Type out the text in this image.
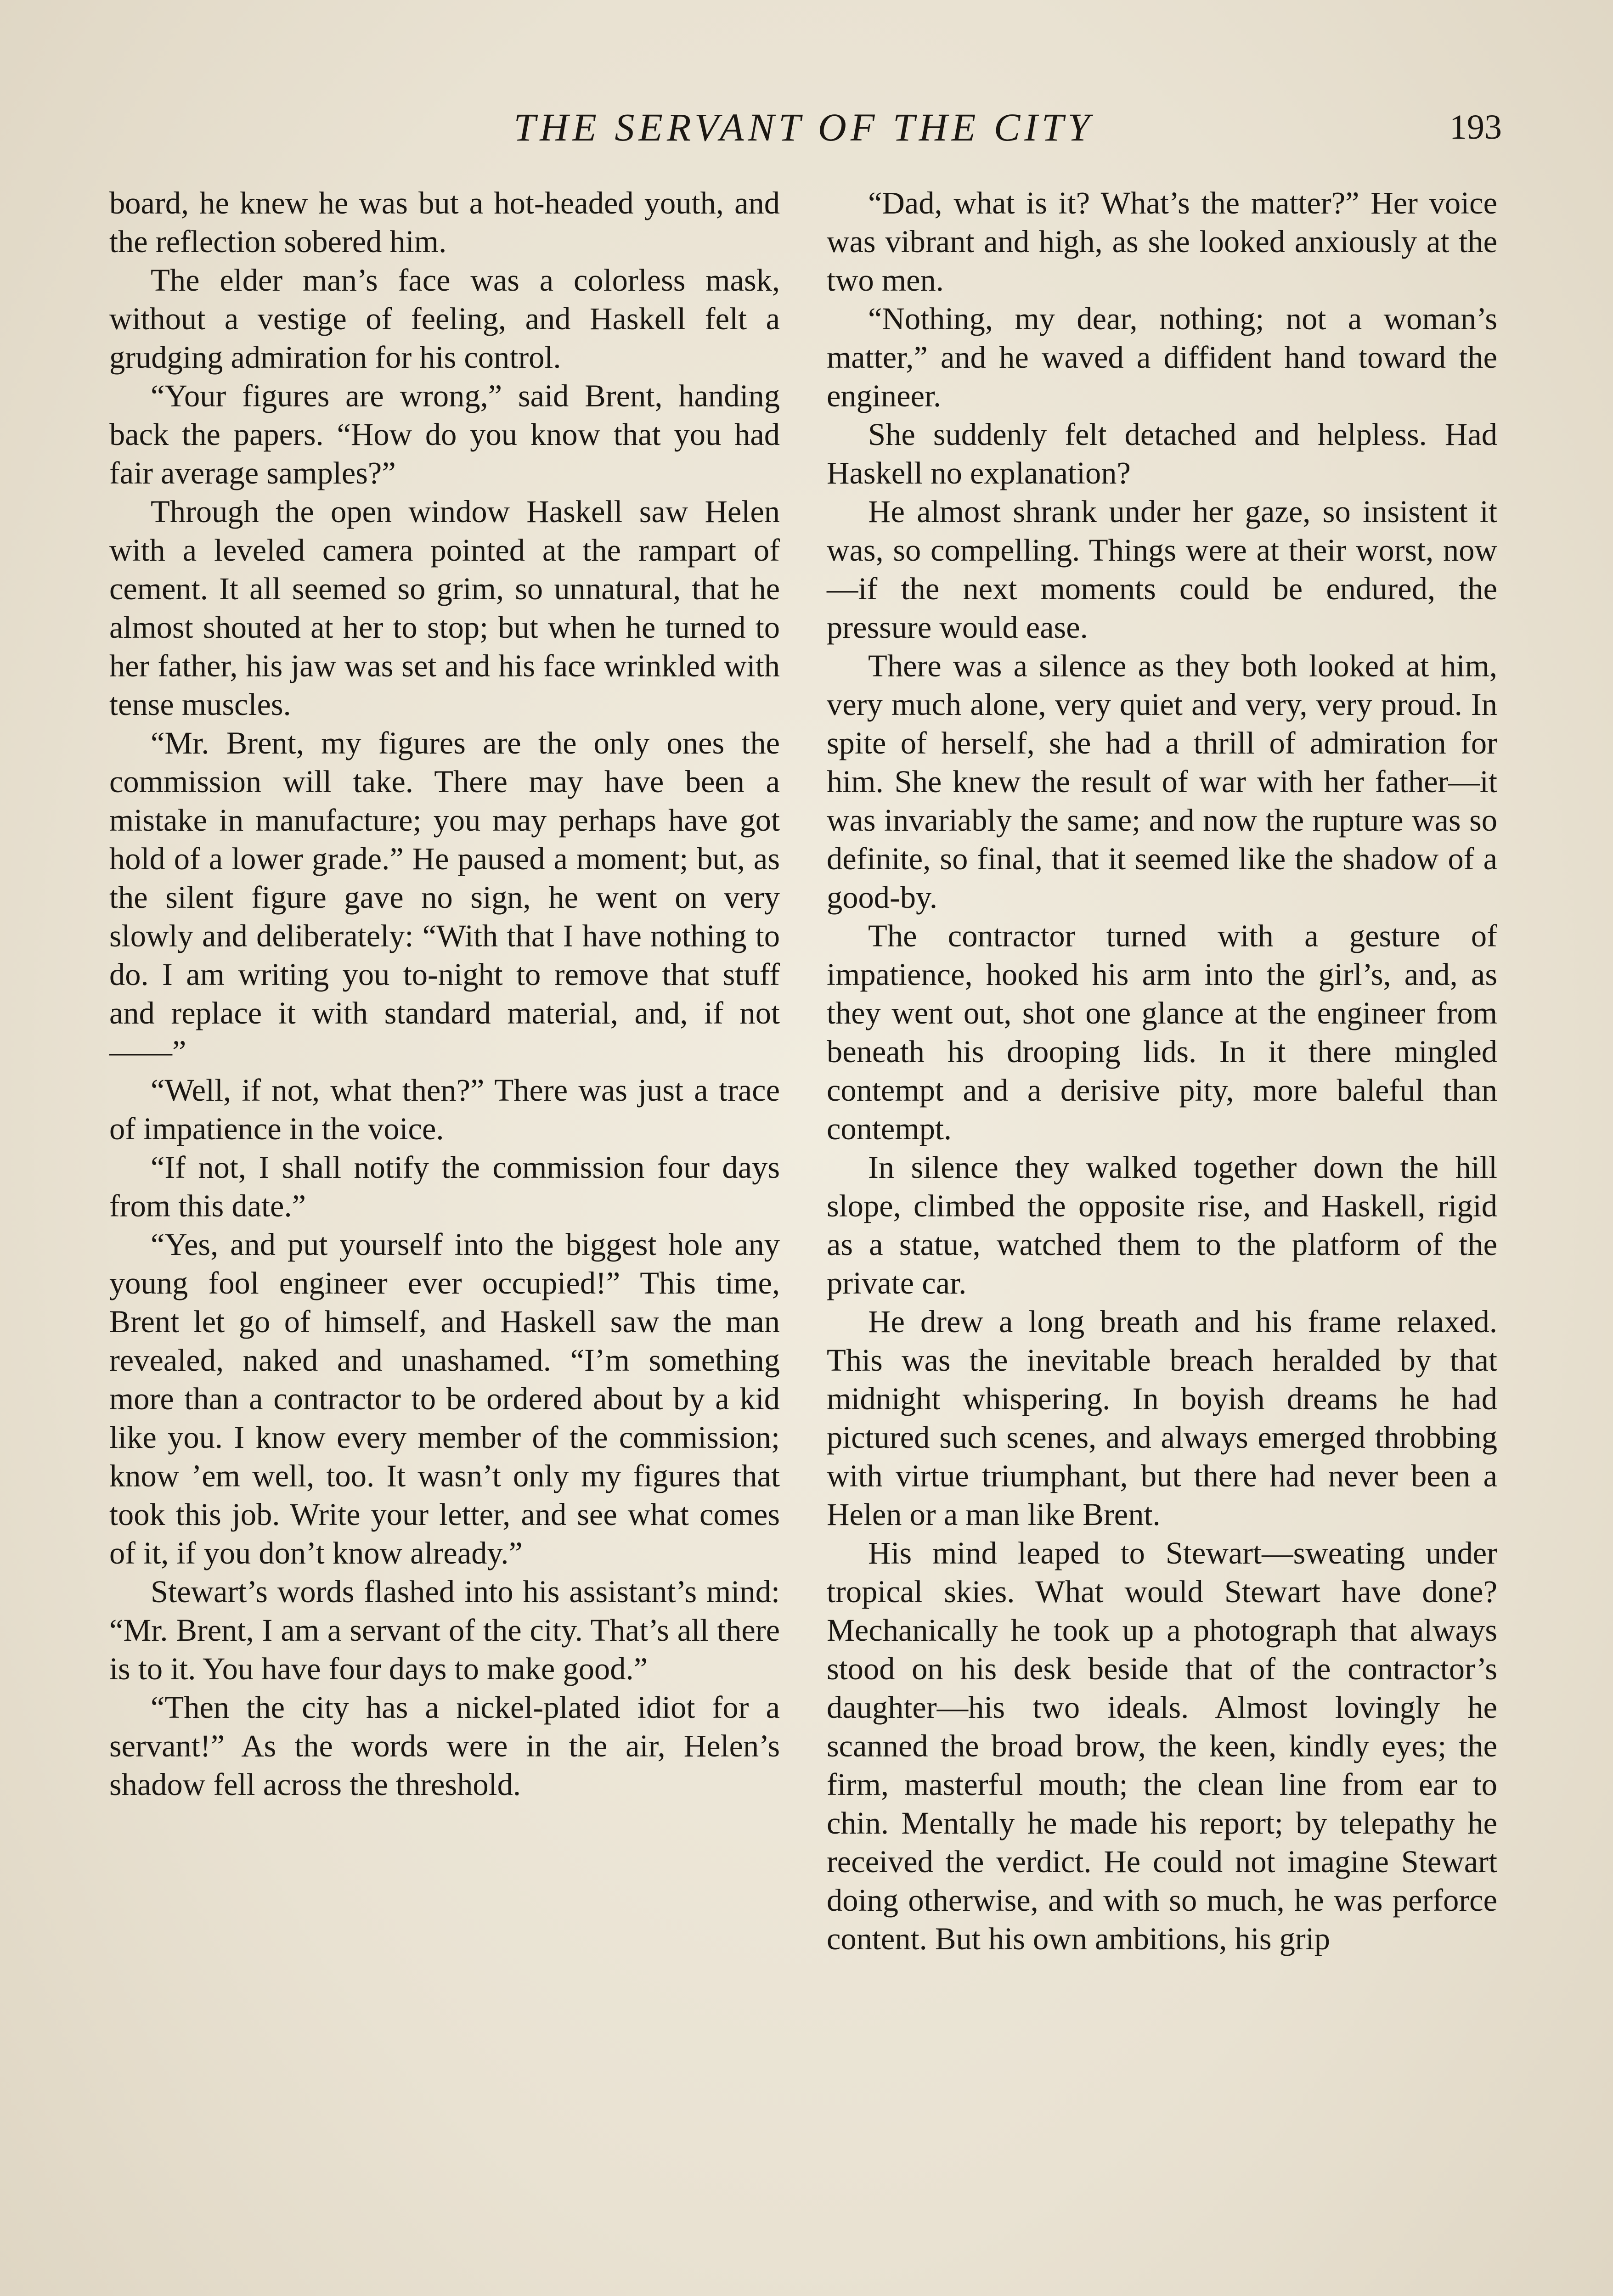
THE SERVANT OF THE CITY	193

board, he knew he was but a hot-headed youth, and the reflection sobered him.

The elder man’s face was a colorless mask, without a vestige of feeling, and Haskell felt a grudging admiration for his control.

“Your figures are wrong,” said Brent, handing back the papers. “How do you know that you had fair average samples?”

Through the open window Haskell saw Helen with a leveled camera pointed at the rampart of cement. It all seemed so grim, so unnatural, that he almost shouted at her to stop; but when he turned to her father, his jaw was set and his face wrinkled with tense muscles.

“Mr. Brent, my figures are the only ones the commission will take. There may have been a mistake in manufacture; you may perhaps have got hold of a lower grade.” He paused a moment; but, as the silent figure gave no sign, he went on very slowly and deliberately: “With that I have nothing to do. I am writing you to-night to remove that stuff and replace it with standard material, and, if not——”

“Well, if not, what then?” There was just a trace of impatience in the voice.

“If not, I shall notify the commission four days from this date.”

“Yes, and put yourself into the biggest hole any young fool engineer ever occupied!” This time, Brent let go of himself, and Haskell saw the man revealed, naked and unashamed. “I’m something more than a contractor to be ordered about by a kid like you. I know every member of the commission; know ’em well, too. It wasn’t only my figures that took this job. Write your letter, and see what comes of it, if you don’t know already.”

Stewart’s words flashed into his assistant’s mind: “Mr. Brent, I am a servant of the city. That’s all there is to it. You have four days to make good.”

“Then the city has a nickel-plated idiot for a servant!” As the words were in the air, Helen’s shadow fell across the threshold.

“Dad, what is it? What’s the matter?” Her voice was vibrant and high, as she looked anxiously at the two men.

“Nothing, my dear, nothing; not a woman’s matter,” and he waved a diffident hand toward the engineer.

She suddenly felt detached and helpless. Had Haskell no explanation?

He almost shrank under her gaze, so insistent it was, so compelling. Things were at their worst, now—if the next moments could be endured, the pressure would ease.

There was a silence as they both looked at him, very much alone, very quiet and very, very proud. In spite of herself, she had a thrill of admiration for him. She knew the result of war with her father—it was invariably the same; and now the rupture was so definite, so final, that it seemed like the shadow of a good-by.

The contractor turned with a gesture of impatience, hooked his arm into the girl’s, and, as they went out, shot one glance at the engineer from beneath his drooping lids. In it there mingled contempt and a derisive pity, more baleful than contempt.

In silence they walked together down the hill slope, climbed the opposite rise, and Haskell, rigid as a statue, watched them to the platform of the private car.

He drew a long breath and his frame relaxed. This was the inevitable breach heralded by that midnight whispering. In boyish dreams he had pictured such scenes, and always emerged throbbing with virtue triumphant, but there had never been a Helen or a man like Brent.

His mind leaped to Stewart—sweating under tropical skies. What would Stewart have done? Mechanically he took up a photograph that always stood on his desk beside that of the contractor’s daughter—his two ideals. Almost lovingly he scanned the broad brow, the keen, kindly eyes; the firm, masterful mouth; the clean line from ear to chin. Mentally he made his report; by telepathy he received the verdict. He could not imagine Stewart doing otherwise, and with so much, he was perforce content. But his own ambitions, his grip
